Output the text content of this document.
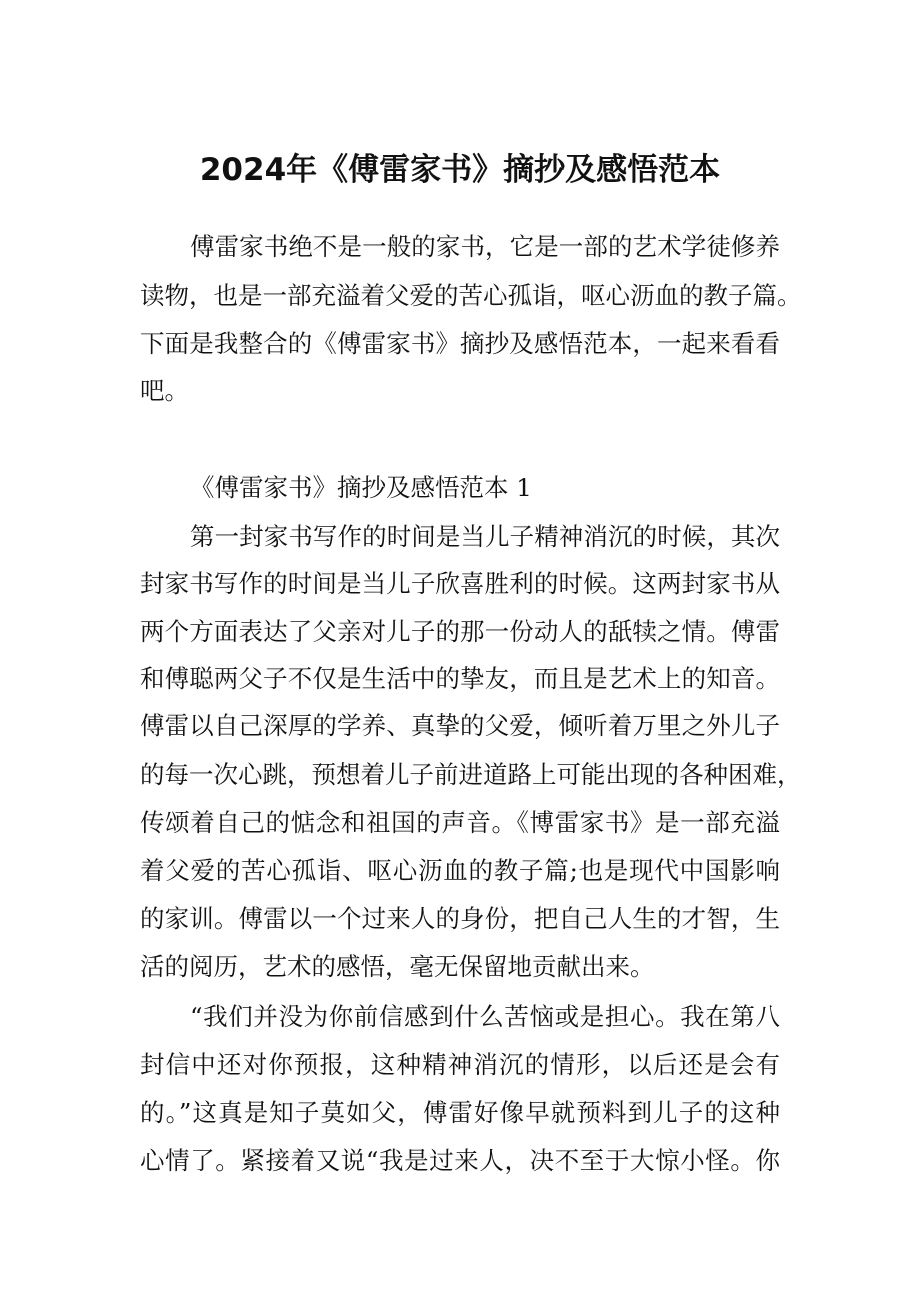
2024年《傅雷家书》摘抄及感悟范本
傅雷家书绝不是一般的家书，它是一部的艺术学徒修养
读物，也是一部充溢着父爱的苦心孤诣，呕心沥血的教子篇。
下面是我整合的《傅雷家书》摘抄及感悟范本，一起来看看
吧。
《傅雷家书》摘抄及感悟范本 1
第一封家书写作的时间是当儿子精神消沉的时候，其次
封家书写作的时间是当儿子欣喜胜利的时候。这两封家书从
两个方面表达了父亲对儿子的那一份动人的舐犊之情。傅雷
和傅聪两父子不仅是生活中的挚友，而且是艺术上的知音。
傅雷以自己深厚的学养、真挚的父爱，倾听着万里之外儿子
的每一次心跳，预想着儿子前进道路上可能出现的各种困难，
传颂着自己的惦念和祖国的声音。《博雷家书》是一部充溢
着父爱的苦心孤诣、呕心沥血的教子篇;也是现代中国影响
的家训。傅雷以一个过来人的身份，把自己人生的才智，生
活的阅历，艺术的感悟，毫无保留地贡献出来。
“我们并没为你前信感到什么苦恼或是担心。我在第八
封信中还对你预报，这种精神消沉的情形，以后还是会有
的。”这真是知子莫如父，傅雷好像早就预料到儿子的这种
心情了。紧接着又说“我是过来人，决不至于大惊小怪。你
